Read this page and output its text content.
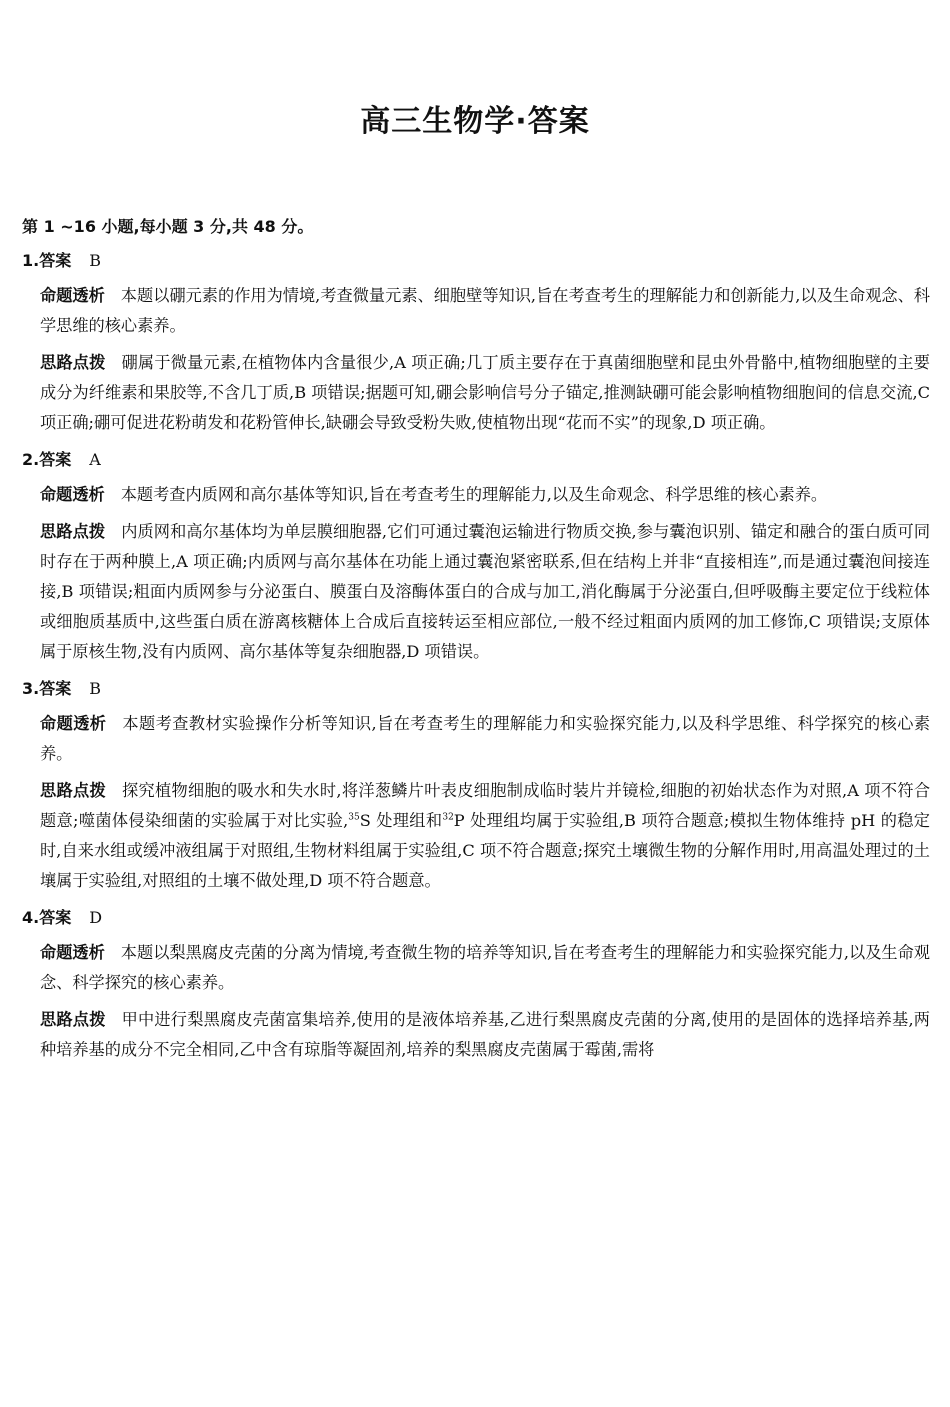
高三生物学·答案

第 1 ~16 小题,每小题 3 分,共 48 分。

1.答案 B

命题透析 本题以硼元素的作用为情境,考查微量元素、细胞壁等知识,旨在考查考生的理解能力和创新能力,以及生命观念、科学思维的核心素养。

思路点拨 硼属于微量元素,在植物体内含量很少,A 项正确;几丁质主要存在于真菌细胞壁和昆虫外骨骼中,植物细胞壁的主要成分为纤维素和果胶等,不含几丁质,B 项错误;据题可知,硼会影响信号分子锚定,推测缺硼可能会影响植物细胞间的信息交流,C 项正确;硼可促进花粉萌发和花粉管伸长,缺硼会导致受粉失败,使植物出现“花而不实”的现象,D 项正确。

2.答案 A

命题透析 本题考查内质网和高尔基体等知识,旨在考查考生的理解能力,以及生命观念、科学思维的核心素养。

思路点拨 内质网和高尔基体均为单层膜细胞器,它们可通过囊泡运输进行物质交换,参与囊泡识别、锚定和融合的蛋白质可同时存在于两种膜上,A 项正确;内质网与高尔基体在功能上通过囊泡紧密联系,但在结构上并非“直接相连”,而是通过囊泡间接连接,B 项错误;粗面内质网参与分泌蛋白、膜蛋白及溶酶体蛋白的合成与加工,消化酶属于分泌蛋白,但呼吸酶主要定位于线粒体或细胞质基质中,这些蛋白质在游离核糖体上合成后直接转运至相应部位,一般不经过粗面内质网的加工修饰,C 项错误;支原体属于原核生物,没有内质网、高尔基体等复杂细胞器,D 项错误。

3.答案 B

命题透析 本题考查教材实验操作分析等知识,旨在考查考生的理解能力和实验探究能力,以及科学思维、科学探究的核心素养。

思路点拨 探究植物细胞的吸水和失水时,将洋葱鳞片叶表皮细胞制成临时装片并镜检,细胞的初始状态作为对照,A 项不符合题意;噬菌体侵染细菌的实验属于对比实验,$^{35}$S 处理组和$^{32}$P 处理组均属于实验组,B 项符合题意;模拟生物体维持 pH 的稳定时,自来水组或缓冲液组属于对照组,生物材料组属于实验组,C 项不符合题意;探究土壤微生物的分解作用时,用高温处理过的土壤属于实验组,对照组的土壤不做处理,D 项不符合题意。

4.答案 D

命题透析 本题以梨黑腐皮壳菌的分离为情境,考查微生物的培养等知识,旨在考查考生的理解能力和实验探究能力,以及生命观念、科学探究的核心素养。

思路点拨 甲中进行梨黑腐皮壳菌富集培养,使用的是液体培养基,乙进行梨黑腐皮壳菌的分离,使用的是固体的选择培养基,两种培养基的成分不完全相同,乙中含有琼脂等凝固剂,培养的梨黑腐皮壳菌属于霉菌,需将
